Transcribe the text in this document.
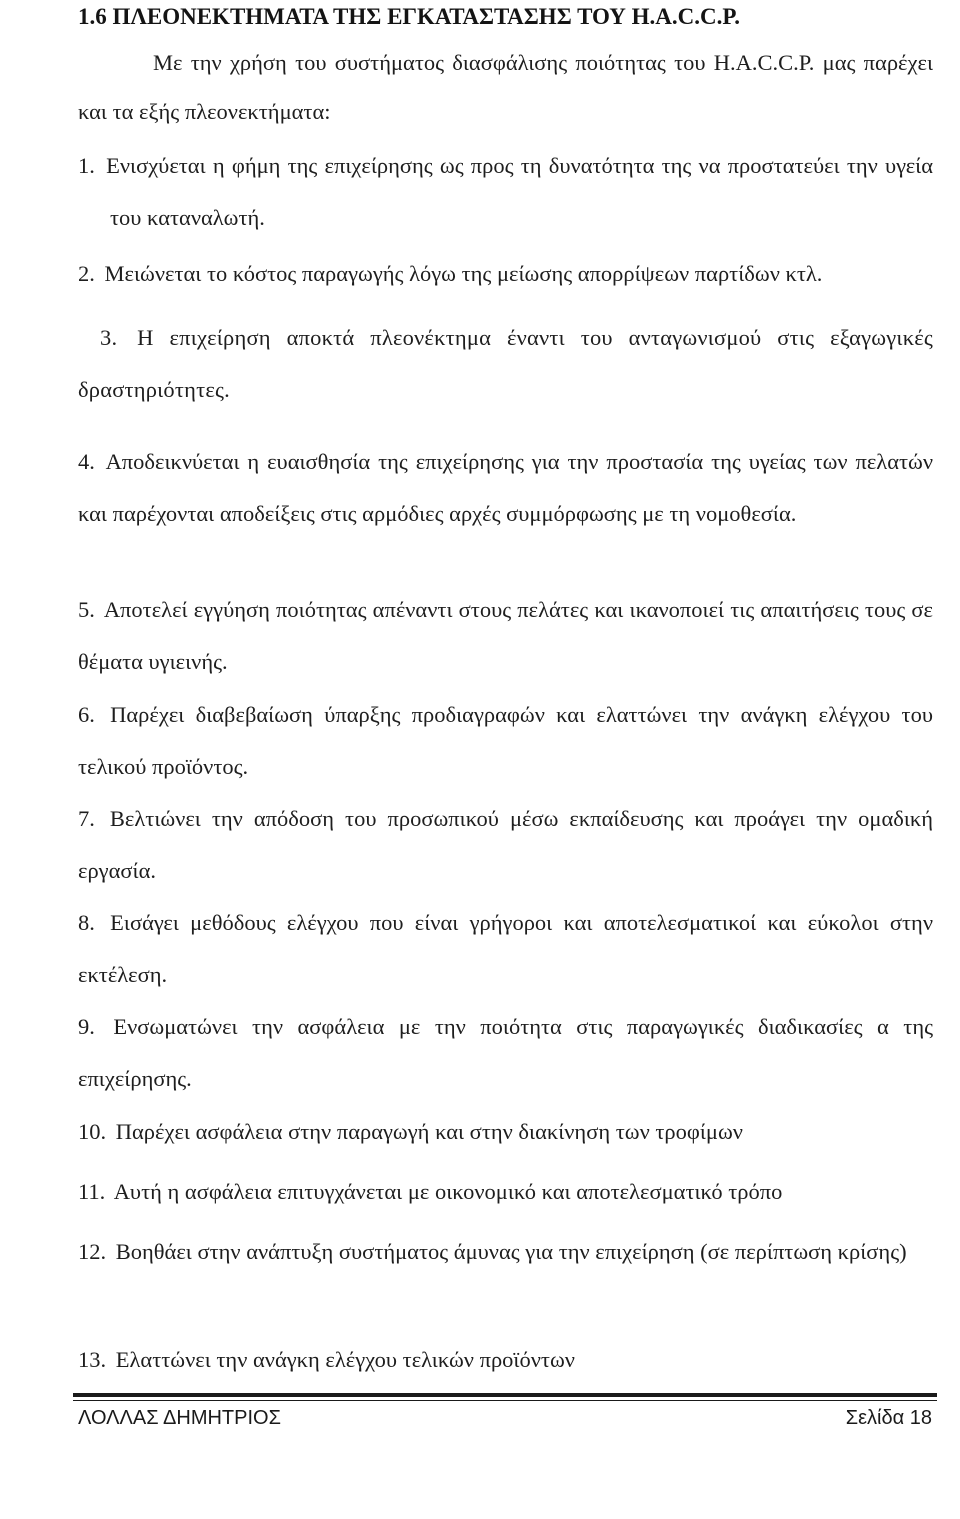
1.6 ΠΛΕΟΝΕΚΤΗΜΑΤΑ ΤΗΣ ΕΓΚΑΤΑΣΤΑΣΗΣ ΤΟΥ Η.Α.C.C.P.

Με την χρήση του συστήματος διασφάλισης ποιότητας του H.A.C.C.P. μας παρέχει και τα εξής πλεονεκτήματα:

1. Ενισχύεται η φήμη της επιχείρησης ως προς τη δυνατότητα της να προστατεύει την υγεία του καταναλωτή.

2. Μειώνεται το κόστος παραγωγής λόγω της μείωσης απορρίψεων παρτίδων κτλ.

3. Η επιχείρηση αποκτά πλεονέκτημα έναντι του ανταγωνισμού στις εξαγωγικές δραστηριότητες.

4. Αποδεικνύεται η ευαισθησία της επιχείρησης για την προστασία της υγείας των πελατών και παρέχονται αποδείξεις στις αρμόδιες αρχές συμμόρφωσης με τη νομοθεσία.

5. Αποτελεί εγγύηση ποιότητας απέναντι στους πελάτες και ικανοποιεί τις απαιτήσεις τους σε θέματα υγιεινής.

6. Παρέχει διαβεβαίωση ύπαρξης προδιαγραφών και ελαττώνει την ανάγκη ελέγχου του τελικού προϊόντος.

7. Βελτιώνει την απόδοση του προσωπικού μέσω εκπαίδευσης και προάγει την ομαδική εργασία.

8. Εισάγει μεθόδους ελέγχου που είναι γρήγοροι και αποτελεσματικοί και εύκολοι στην εκτέλεση.

9. Ενσωματώνει την ασφάλεια με την ποιότητα στις παραγωγικές διαδικασίες α της επιχείρησης.

10. Παρέχει ασφάλεια στην παραγωγή και στην διακίνηση των τροφίμων

11. Αυτή η ασφάλεια επιτυγχάνεται με οικονομικό και αποτελεσματικό τρόπο

12. Βοηθάει στην ανάπτυξη συστήματος άμυνας για την επιχείρηση (σε περίπτωση κρίσης)

13. Ελαττώνει την ανάγκη ελέγχου τελικών προϊόντων

ΛΟΛΛΑΣ ΔΗΜΗΤΡΙΟΣ	Σελίδα 18
